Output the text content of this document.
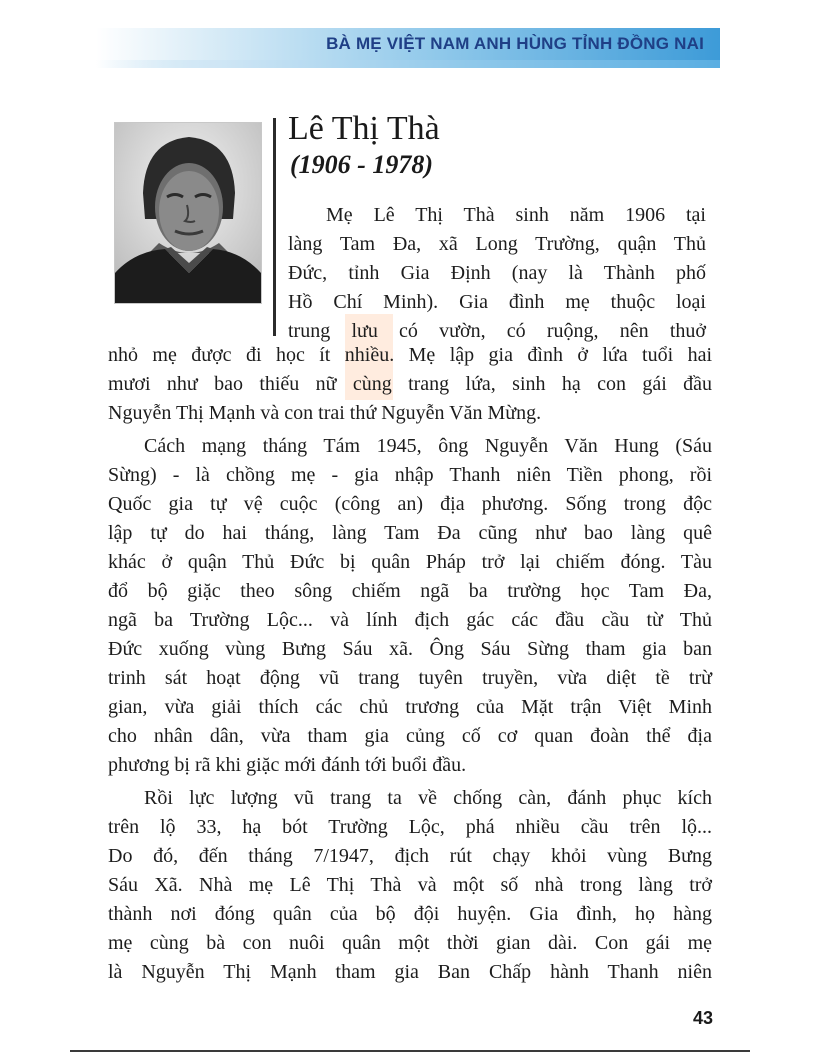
BÀ MẸ VIỆT NAM ANH HÙNG TỈNH ĐỒNG NAI
Lê Thị Thà
(1906 - 1978)
Mẹ Lê Thị Thà sinh năm 1906 tại
làng Tam Đa, xã Long Trường, quận Thủ
Đức, tỉnh Gia Định (nay là Thành phố
Hồ Chí Minh). Gia đình mẹ thuộc loại
trung lưu có vườn, có ruộng, nên thuở
nhỏ mẹ được đi học ít nhiều. Mẹ lập gia đình ở lứa tuổi hai
mươi như bao thiếu nữ cùng trang lứa, sinh hạ con gái đầu
Nguyễn Thị Mạnh và con trai thứ Nguyễn Văn Mừng.
Cách mạng tháng Tám 1945, ông Nguyễn Văn Hung (Sáu
Sừng) - là chồng mẹ - gia nhập Thanh niên Tiền phong, rồi
Quốc gia tự vệ cuộc (công an) địa phương. Sống trong độc
lập tự do hai tháng, làng Tam Đa cũng như bao làng quê
khác ở quận Thủ Đức bị quân Pháp trở lại chiếm đóng. Tàu
đổ bộ giặc theo sông chiếm ngã ba trường học Tam Đa,
ngã ba Trường Lộc... và lính địch gác các đầu cầu từ Thủ
Đức xuống vùng Bưng Sáu xã. Ông Sáu Sừng tham gia ban
trinh sát hoạt động vũ trang tuyên truyền, vừa diệt tề trừ
gian, vừa giải thích các chủ trương của Mặt trận Việt Minh
cho nhân dân, vừa tham gia củng cố cơ quan đoàn thể địa
phương bị rã khi giặc mới đánh tới buổi đầu.
Rồi lực lượng vũ trang ta về chống càn, đánh phục kích
trên lộ 33, hạ bót Trường Lộc, phá nhiều cầu trên lộ...
Do đó, đến tháng 7/1947, địch rút chạy khỏi vùng Bưng
Sáu Xã. Nhà mẹ Lê Thị Thà và một số nhà trong làng trở
thành nơi đóng quân của bộ đội huyện. Gia đình, họ hàng
mẹ cùng bà con nuôi quân một thời gian dài. Con gái mẹ
là Nguyễn Thị Mạnh tham gia Ban Chấp hành Thanh niên
43
